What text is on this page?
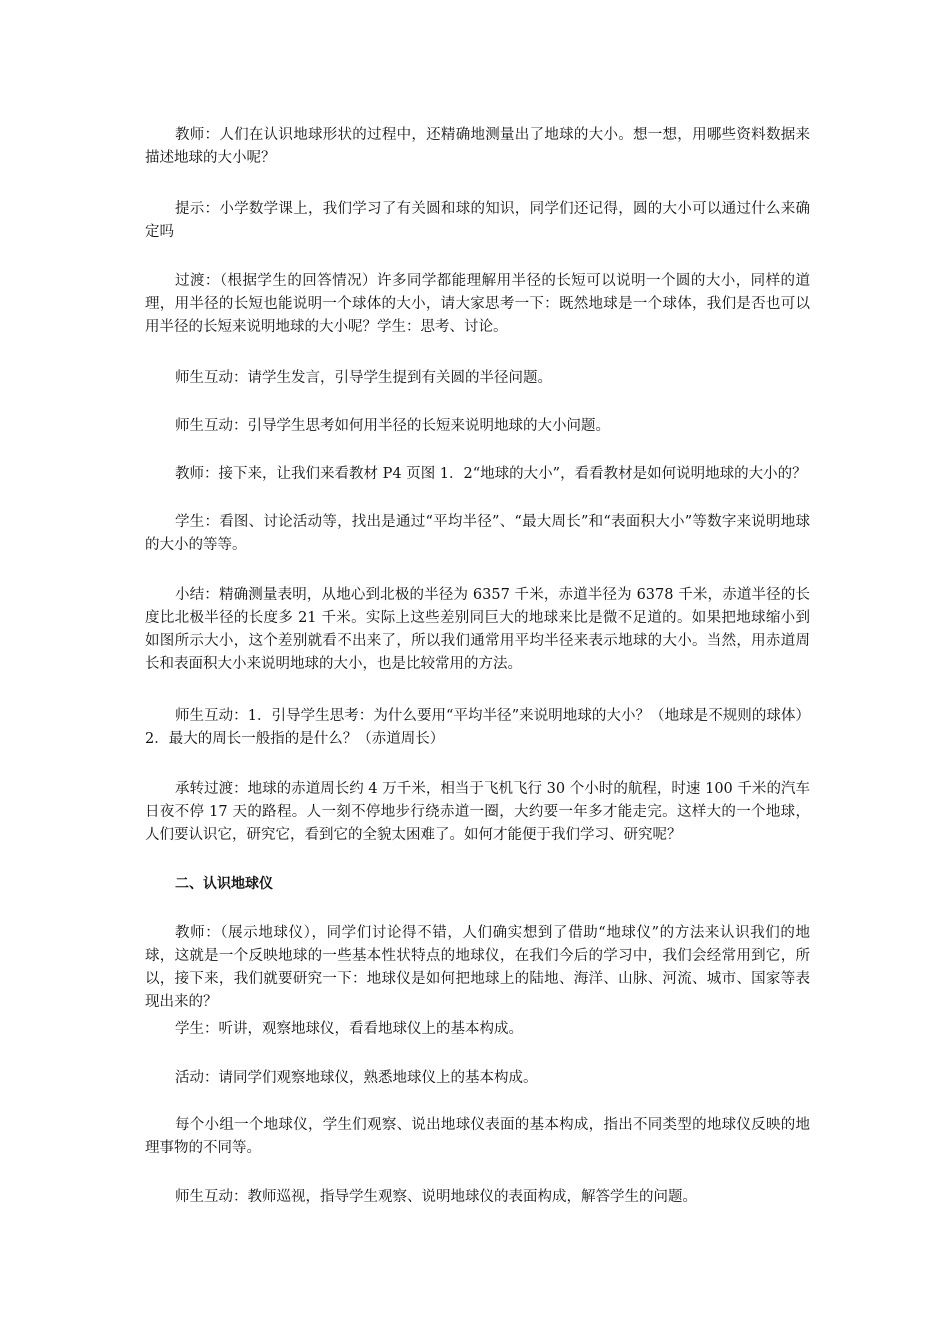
教师：人们在认识地球形状的过程中，还精确地测量出了地球的大小。想一想，用哪些资料数据来描述地球的大小呢？

提示：小学数学课上，我们学习了有关圆和球的知识，同学们还记得，圆的大小可以通过什么来确定吗

过渡：（根据学生的回答情况）许多同学都能理解用半径的长短可以说明一个圆的大小，同样的道理，用半径的长短也能说明一个球体的大小，请大家思考一下：既然地球是一个球体，我们是否也可以用半径的长短来说明地球的大小呢？学生：思考、讨论。

师生互动：请学生发言，引导学生提到有关圆的半径问题。

师生互动：引导学生思考如何用半径的长短来说明地球的大小问题。

教师：接下来，让我们来看教材 P4 页图 1．2“地球的大小”，看看教材是如何说明地球的大小的？

学生：看图、讨论活动等，找出是通过“平均半径”、“最大周长”和“表面积大小”等数字来说明地球的大小的等等。

小结：精确测量表明，从地心到北极的半径为 6357 千米，赤道半径为 6378 千米，赤道半径的长度比北极半径的长度多 21 千米。实际上这些差别同巨大的地球来比是微不足道的。如果把地球缩小到如图所示大小，这个差别就看不出来了，所以我们通常用平均半径来表示地球的大小。当然，用赤道周长和表面积大小来说明地球的大小，也是比较常用的方法。

师生互动：1．引导学生思考：为什么要用“平均半径”来说明地球的大小？（地球是不规则的球体）2．最大的周长一般指的是什么？（赤道周长）

承转过渡：地球的赤道周长约 4 万千米，相当于飞机飞行 30 个小时的航程，时速 100 千米的汽车日夜不停 17 天的路程。人一刻不停地步行绕赤道一圈，大约要一年多才能走完。这样大的一个地球，人们要认识它，研究它，看到它的全貌太困难了。如何才能便于我们学习、研究呢？

二、认识地球仪

教师：（展示地球仪），同学们讨论得不错，人们确实想到了借助“地球仪”的方法来认识我们的地球，这就是一个反映地球的一些基本性状特点的地球仪，在我们今后的学习中，我们会经常用到它，所以，接下来，我们就要研究一下：地球仪是如何把地球上的陆地、海洋、山脉、河流、城市、国家等表现出来的？

学生：听讲，观察地球仪，看看地球仪上的基本构成。

活动：请同学们观察地球仪，熟悉地球仪上的基本构成。

每个小组一个地球仪，学生们观察、说出地球仪表面的基本构成，指出不同类型的地球仪反映的地理事物的不同等。

师生互动：教师巡视，指导学生观察、说明地球仪的表面构成，解答学生的问题。
